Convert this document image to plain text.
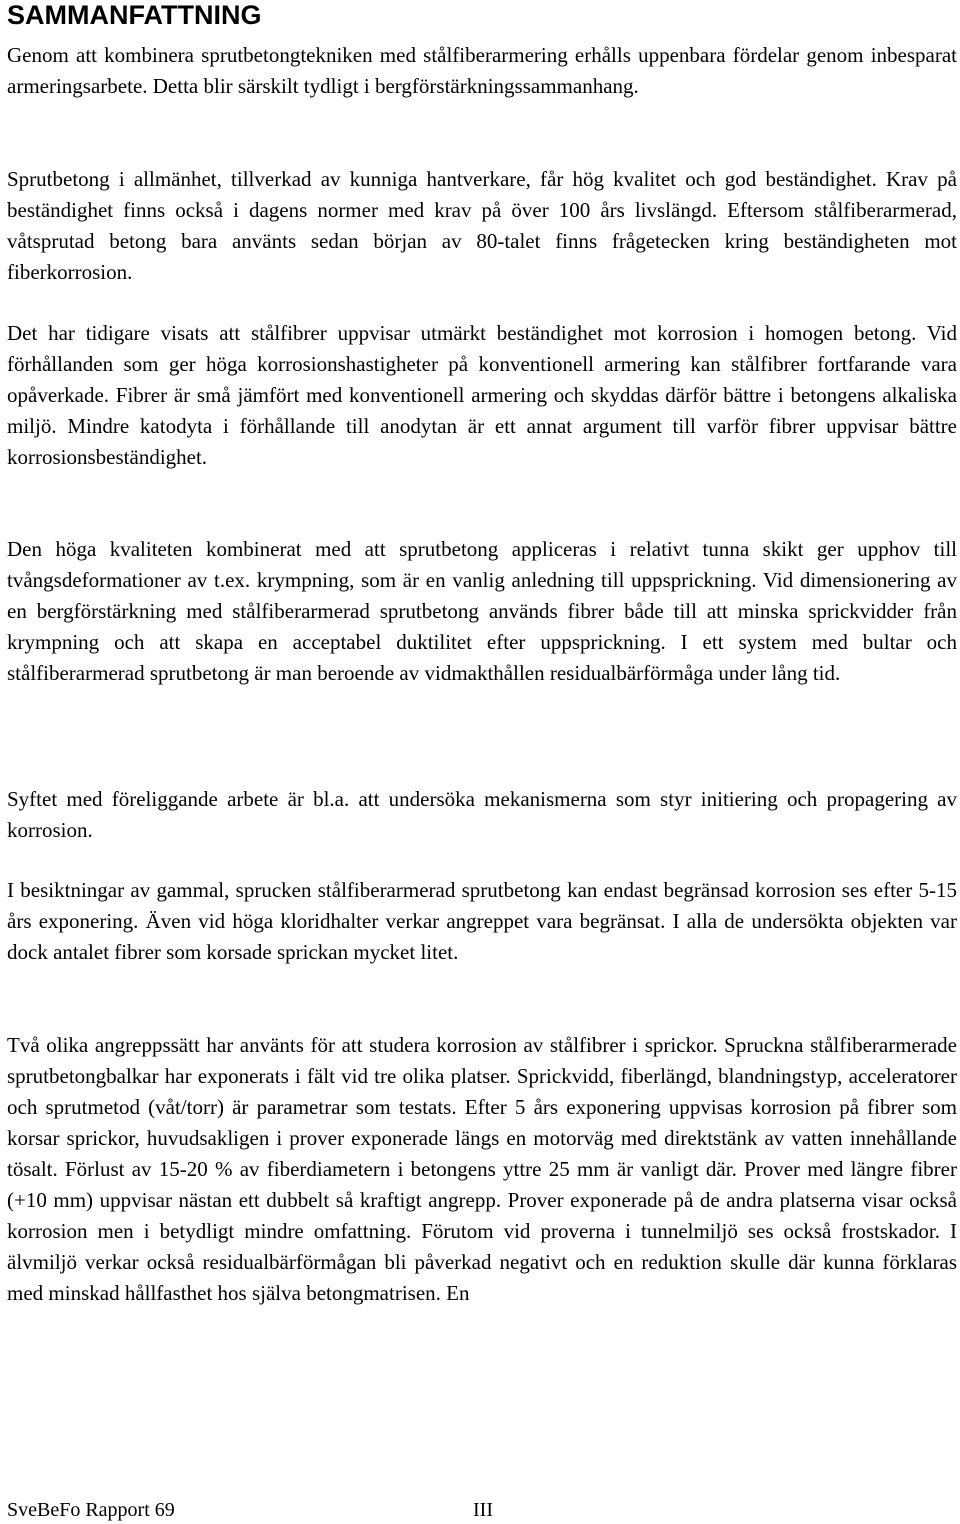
SAMMANFATTNING

Genom att kombinera sprutbetongtekniken med stålfiberarmering erhålls uppenbara fördelar genom inbesparat armeringsarbete. Detta blir särskilt tydligt i bergförstärkningssammanhang.

Sprutbetong i allmänhet, tillverkad av kunniga hantverkare, får hög kvalitet och god beständighet. Krav på beständighet finns också i dagens normer med krav på över 100 års livslängd. Eftersom stålfiberarmerad, våtsprutad betong bara använts sedan början av 80-talet finns frågetecken kring beständigheten mot fiberkorrosion.

Det har tidigare visats att stålfibrer uppvisar utmärkt beständighet mot korrosion i homogen betong. Vid förhållanden som ger höga korrosionshastigheter på konventionell armering kan stålfibrer fortfarande vara opåverkade. Fibrer är små jämfört med konventionell armering och skyddas därför bättre i betongens alkaliska miljö. Mindre katodyta i förhållande till anodytan är ett annat argument till varför fibrer uppvisar bättre korrosionsbeständighet.

Den höga kvaliteten kombinerat med att sprutbetong appliceras i relativt tunna skikt ger upphov till tvångsdeformationer av t.ex. krympning, som är en vanlig anledning till uppsprickning. Vid dimensionering av en bergförstärkning med stålfiberarmerad sprutbetong används fibrer både till att minska sprickvidder från krympning och att skapa en acceptabel duktilitet efter uppsprickning. I ett system med bultar och stålfiberarmerad sprutbetong är man beroende av vidmakthållen residualbärförmåga under lång tid.

Syftet med föreliggande arbete är bl.a. att undersöka mekanismerna som styr initiering och propagering av korrosion.

I besiktningar av gammal, sprucken stålfiberarmerad sprutbetong kan endast begränsad korrosion ses efter 5-15 års exponering. Även vid höga kloridhalter verkar angreppet vara begränsat. I alla de undersökta objekten var dock antalet fibrer som korsade sprickan mycket litet.

Två olika angreppssätt har använts för att studera korrosion av stålfibrer i sprickor. Spruckna stålfiberarmerade sprutbetongbalkar har exponerats i fält vid tre olika platser. Sprickvidd, fiberlängd, blandningstyp, acceleratorer och sprutmetod (våt/torr) är parametrar som testats. Efter 5 års exponering uppvisas korrosion på fibrer som korsar sprickor, huvudsakligen i prover exponerade längs en motorväg med direktstänk av vatten innehållande tösalt. Förlust av 15-20 % av fiberdiametern i betongens yttre 25 mm är vanligt där. Prover med längre fibrer (+10 mm) uppvisar nästan ett dubbelt så kraftigt angrepp. Prover exponerade på de andra platserna visar också korrosion men i betydligt mindre omfattning. Förutom vid proverna i tunnelmiljö ses också frostskador. I älvmiljö verkar också residualbärförmågan bli påverkad negativt och en reduktion skulle där kunna förklaras med minskad hållfasthet hos själva betongmatrisen. En

SveBeFo Rapport 69	III
